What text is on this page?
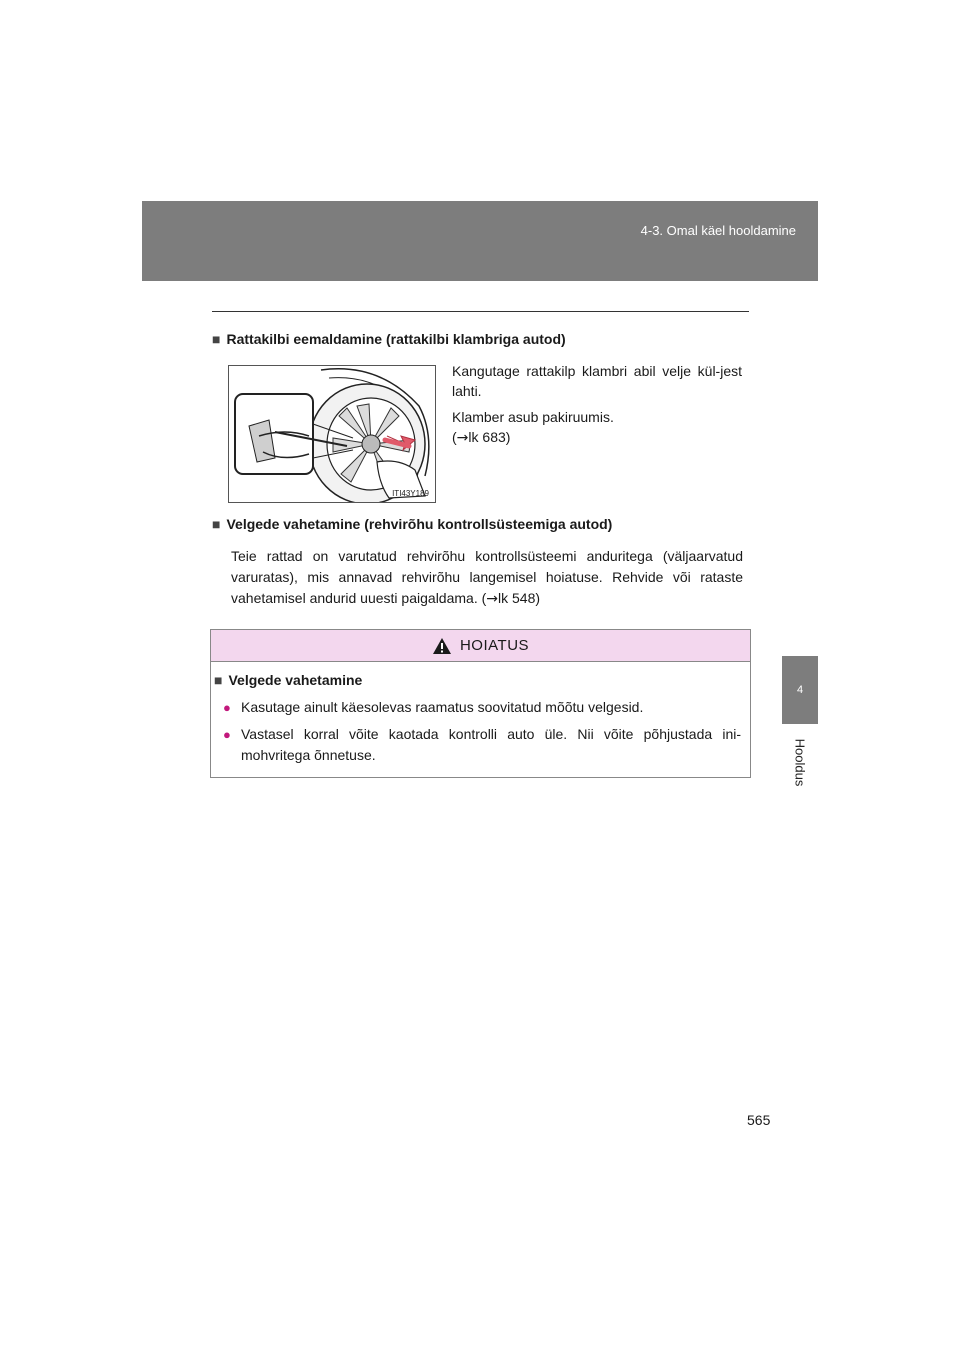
4-3. Omal käel hooldamine
4
Hooldus
■ Rattakilbi eemaldamine (rattakilbi klambriga autod)
ITI43Y189
Kangutage rattakilp klambri abil velje kül-jest lahti.
Klamber asub pakiruumis.
(→lk 683)
■ Velgede vahetamine (rehvirõhu kontrollsüsteemiga autod)
Teie rattad on varutatud rehvirõhu kontrollsüsteemi anduritega (väljaarvatud varuratas), mis annavad rehvirõhu langemisel hoiatuse. Rehvide või rataste vahetamisel andurid uuesti paigaldama. (→lk 548)
HOIATUS
■ Velgede vahetamine
● Kasutage ainult käesolevas raamatus soovitatud mõõtu velgesid.
● Vastasel korral võite kaotada kontrolli auto üle. Nii võite põhjustada ini-mohvritega õnnetuse.
565
